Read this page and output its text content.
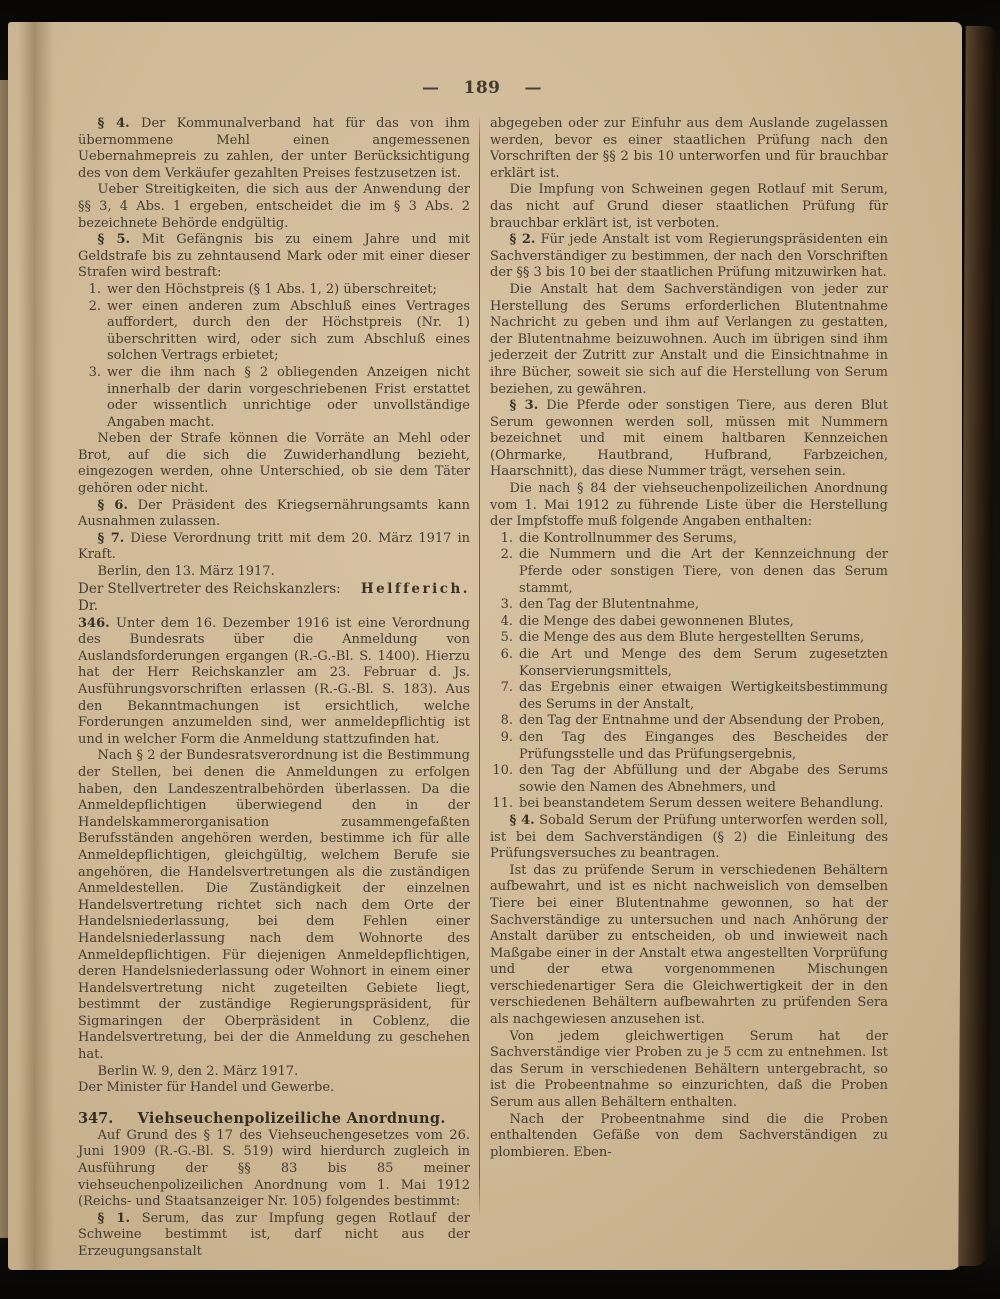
— 189 —

§ 4. Der Kommunalverband hat für das von ihm übernommene Mehl einen angemessenen Uebernahmepreis zu zahlen, der unter Berücksichtigung des von dem Verkäufer gezahlten Preises festzusetzen ist.

Ueber Streitigkeiten, die sich aus der Anwendung der §§ 3, 4 Abs. 1 ergeben, entscheidet die im § 3 Abs. 2 bezeichnete Behörde endgültig.

§ 5. Mit Gefängnis bis zu einem Jahre und mit Geldstrafe bis zu zehntausend Mark oder mit einer dieser Strafen wird bestraft:

1. wer den Höchstpreis (§ 1 Abs. 1, 2) überschreitet;
2. wer einen anderen zum Abschluß eines Vertrages auffordert, durch den der Höchstpreis (Nr. 1) überschritten wird, oder sich zum Abschluß eines solchen Vertrags erbietet;
3. wer die ihm nach § 2 obliegenden Anzeigen nicht innerhalb der darin vorgeschriebenen Frist erstattet oder wissentlich unrichtige oder unvollständige Angaben macht.

Neben der Strafe können die Vorräte an Mehl oder Brot, auf die sich die Zuwiderhandlung bezieht, eingezogen werden, ohne Unterschied, ob sie dem Täter gehören oder nicht.

§ 6. Der Präsident des Kriegsernährungsamts kann Ausnahmen zulassen.

§ 7. Diese Verordnung tritt mit dem 20. März 1917 in Kraft.

Berlin, den 13. März 1917.

Der Stellvertreter des Reichskanzlers: Dr.
Helfferich.

346. Unter dem 16. Dezember 1916 ist eine Verordnung des Bundesrats über die Anmeldung von Auslandsforderungen ergangen (R.-G.-Bl. S. 1400). Hierzu hat der Herr Reichskanzler am 23. Februar d. Js. Ausführungsvorschriften erlassen (R.-G.-Bl. S. 183). Aus den Bekanntmachungen ist ersichtlich, welche Forderungen anzumelden sind, wer anmeldepflichtig ist und in welcher Form die Anmeldung stattzufinden hat.

Nach § 2 der Bundesratsverordnung ist die Bestimmung der Stellen, bei denen die Anmeldungen zu erfolgen haben, den Landeszentralbehörden überlassen. Da die Anmeldepflichtigen überwiegend den in der Handelskammerorganisation zusammengefaßten Berufsständen angehören werden, bestimme ich für alle Anmeldepflichtigen, gleichgültig, welchem Berufe sie angehören, die Handelsvertretungen als die zuständigen Anmeldestellen. Die Zuständigkeit der einzelnen Handelsvertretung richtet sich nach dem Orte der Handelsniederlassung, bei dem Fehlen einer Handelsniederlassung nach dem Wohnorte des Anmeldepflichtigen. Für diejenigen Anmeldepflichtigen, deren Handelsniederlassung oder Wohnort in einem einer Handelsvertretung nicht zugeteilten Gebiete liegt, bestimmt der zuständige Regierungspräsident, für Sigmaringen der Oberpräsident in Coblenz, die Handelsvertretung, bei der die Anmeldung zu geschehen hat.

Berlin W. 9, den 2. März 1917.

Der Minister für Handel und Gewerbe.

347.	Viehseuchenpolizeiliche Anordnung.

Auf Grund des § 17 des Viehseuchengesetzes vom 26. Juni 1909 (R.-G.-Bl. S. 519) wird hierdurch zugleich in Ausführung der §§ 83 bis 85 meiner viehseuchenpolizeilichen Anordnung vom 1. Mai 1912 (Reichs- und Staatsanzeiger Nr. 105) folgendes bestimmt:

§ 1. Serum, das zur Impfung gegen Rotlauf der Schweine bestimmt ist, darf nicht aus der Erzeugungsanstalt

abgegeben oder zur Einfuhr aus dem Auslande zugelassen werden, bevor es einer staatlichen Prüfung nach den Vorschriften der §§ 2 bis 10 unterworfen und für brauchbar erklärt ist.

Die Impfung von Schweinen gegen Rotlauf mit Serum, das nicht auf Grund dieser staatlichen Prüfung für brauchbar erklärt ist, ist verboten.

§ 2. Für jede Anstalt ist vom Regierungspräsidenten ein Sachverständiger zu bestimmen, der nach den Vorschriften der §§ 3 bis 10 bei der staatlichen Prüfung mitzuwirken hat.

Die Anstalt hat dem Sachverständigen von jeder zur Herstellung des Serums erforderlichen Blutentnahme Nachricht zu geben und ihm auf Verlangen zu gestatten, der Blutentnahme beizuwohnen. Auch im übrigen sind ihm jederzeit der Zutritt zur Anstalt und die Einsichtnahme in ihre Bücher, soweit sie sich auf die Herstellung von Serum beziehen, zu gewähren.

§ 3. Die Pferde oder sonstigen Tiere, aus deren Blut Serum gewonnen werden soll, müssen mit Nummern bezeichnet und mit einem haltbaren Kennzeichen (Ohrmarke, Hautbrand, Hufbrand, Farbzeichen, Haarschnitt), das diese Nummer trägt, versehen sein.

Die nach § 84 der viehseuchenpolizeilichen Anordnung vom 1. Mai 1912 zu führende Liste über die Herstellung der Impfstoffe muß folgende Angaben enthalten:

1. die Kontrollnummer des Serums,
2. die Nummern und die Art der Kennzeichnung der Pferde oder sonstigen Tiere, von denen das Serum stammt,
3. den Tag der Blutentnahme,
4. die Menge des dabei gewonnenen Blutes,
5. die Menge des aus dem Blute hergestellten Serums,
6. die Art und Menge des dem Serum zugesetzten Konservierungsmittels,
7. das Ergebnis einer etwaigen Wertigkeitsbestimmung des Serums in der Anstalt,
8. den Tag der Entnahme und der Absendung der Proben,
9. den Tag des Einganges des Bescheides der Prüfungsstelle und das Prüfungsergebnis,
10. den Tag der Abfüllung und der Abgabe des Serums sowie den Namen des Abnehmers, und
11. bei beanstandetem Serum dessen weitere Behandlung.

§ 4. Sobald Serum der Prüfung unterworfen werden soll, ist bei dem Sachverständigen (§ 2) die Einleitung des Prüfungsversuches zu beantragen.

Ist das zu prüfende Serum in verschiedenen Behältern aufbewahrt, und ist es nicht nachweislich von demselben Tiere bei einer Blutentnahme gewonnen, so hat der Sachverständige zu untersuchen und nach Anhörung der Anstalt darüber zu entscheiden, ob und inwieweit nach Maßgabe einer in der Anstalt etwa angestellten Vorprüfung und der etwa vorgenommenen Mischungen verschiedenartiger Sera die Gleichwertigkeit der in den verschiedenen Behältern aufbewahrten zu prüfenden Sera als nachgewiesen anzusehen ist.

Von jedem gleichwertigen Serum hat der Sachverständige vier Proben zu je 5 ccm zu entnehmen. Ist das Serum in verschiedenen Behältern untergebracht, so ist die Probeentnahme so einzurichten, daß die Proben Serum aus allen Behältern enthalten.

Nach der Probeentnahme sind die die Proben enthaltenden Gefäße von dem Sachverständigen zu plombieren. Eben-
